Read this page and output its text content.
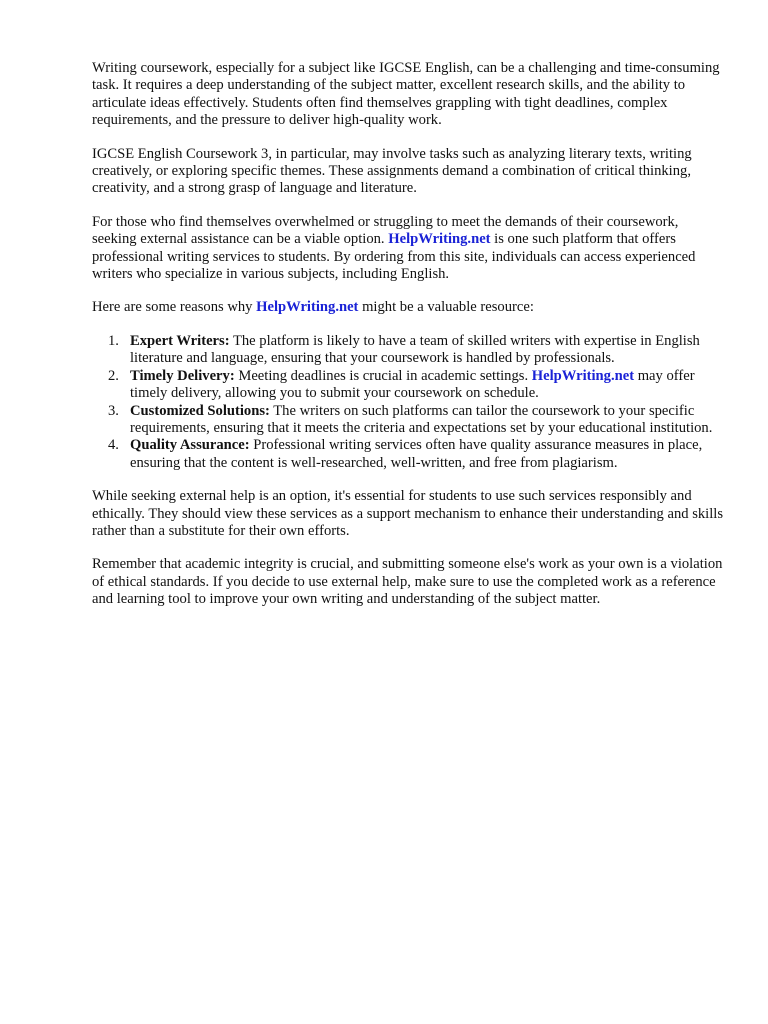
Writing coursework, especially for a subject like IGCSE English, can be a challenging and time-consuming task. It requires a deep understanding of the subject matter, excellent research skills, and the ability to articulate ideas effectively. Students often find themselves grappling with tight deadlines, complex requirements, and the pressure to deliver high-quality work.

IGCSE English Coursework 3, in particular, may involve tasks such as analyzing literary texts, writing creatively, or exploring specific themes. These assignments demand a combination of critical thinking, creativity, and a strong grasp of language and literature.

For those who find themselves overwhelmed or struggling to meet the demands of their coursework, seeking external assistance can be a viable option. HelpWriting.net is one such platform that offers professional writing services to students. By ordering from this site, individuals can access experienced writers who specialize in various subjects, including English.

Here are some reasons why HelpWriting.net might be a valuable resource:

1. Expert Writers: The platform is likely to have a team of skilled writers with expertise in English literature and language, ensuring that your coursework is handled by professionals.
2. Timely Delivery: Meeting deadlines is crucial in academic settings. HelpWriting.net may offer timely delivery, allowing you to submit your coursework on schedule.
3. Customized Solutions: The writers on such platforms can tailor the coursework to your specific requirements, ensuring that it meets the criteria and expectations set by your educational institution.
4. Quality Assurance: Professional writing services often have quality assurance measures in place, ensuring that the content is well-researched, well-written, and free from plagiarism.

While seeking external help is an option, it's essential for students to use such services responsibly and ethically. They should view these services as a support mechanism to enhance their understanding and skills rather than a substitute for their own efforts.

Remember that academic integrity is crucial, and submitting someone else's work as your own is a violation of ethical standards. If you decide to use external help, make sure to use the completed work as a reference and learning tool to improve your own writing and understanding of the subject matter.
